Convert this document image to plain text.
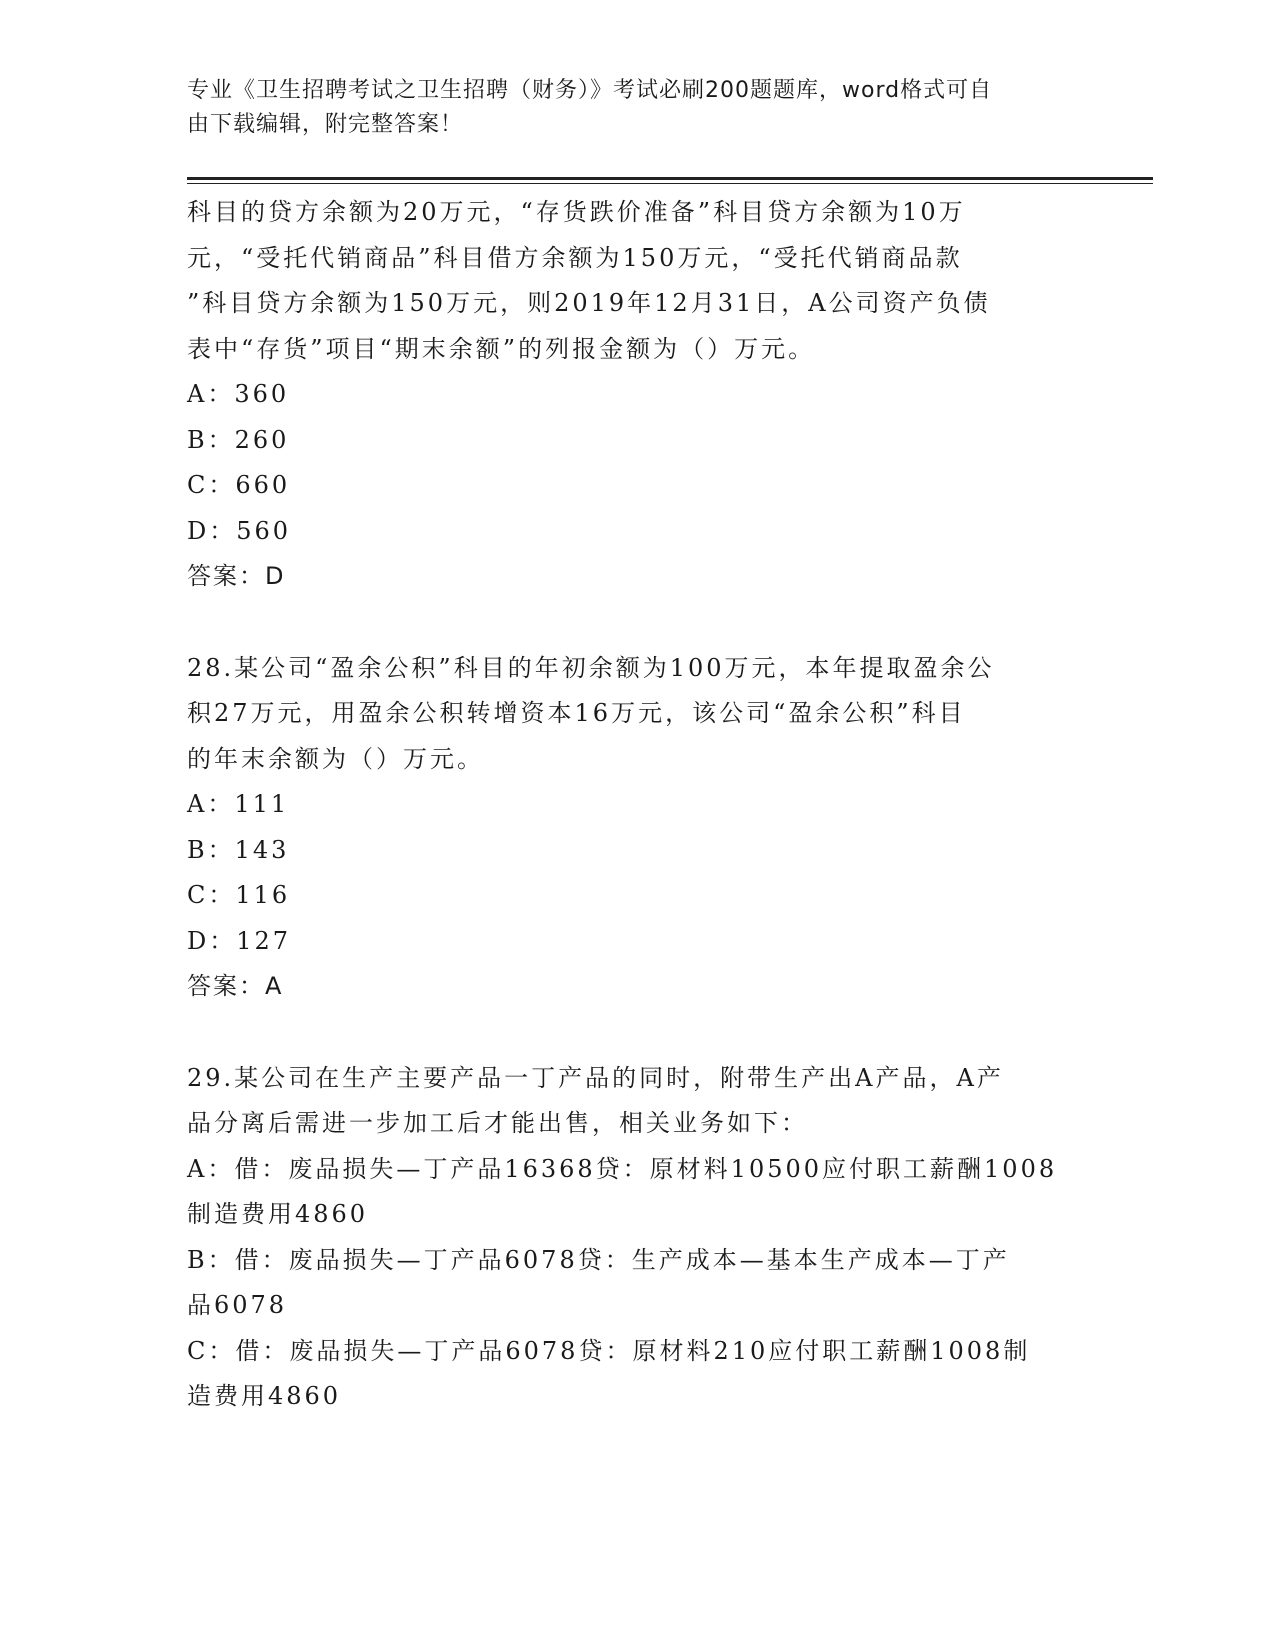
专业《卫生招聘考试之卫生招聘（财务）》考试必刷200题题库，word格式可自
由下载编辑，附完整答案！

科目的贷方余额为20万元，“存货跌价准备”科目贷方余额为10万

元，“受托代销商品”科目借方余额为150万元，“受托代销商品款

”科目贷方余额为150万元，则2019年12月31日，A公司资产负债

表中“存货”项目“期末余额”的列报金额为（）万元。

A：360

B：260

C：660

D：560

答案：D

28.某公司“盈余公积”科目的年初余额为100万元，本年提取盈余公

积27万元，用盈余公积转增资本16万元，该公司“盈余公积”科目

的年末余额为（）万元。

A：111

B：143

C：116

D：127

答案：A

29.某公司在生产主要产品一丁产品的同时，附带生产出A产品，A产

品分离后需进一步加工后才能出售，相关业务如下：

A：借：废品损失—丁产品16368贷：原材料10500应付职工薪酬1008

制造费用4860

B：借：废品损失—丁产品6078贷：生产成本—基本生产成本—丁产

品6078

C：借：废品损失—丁产品6078贷：原材料210应付职工薪酬1008制

造费用4860
